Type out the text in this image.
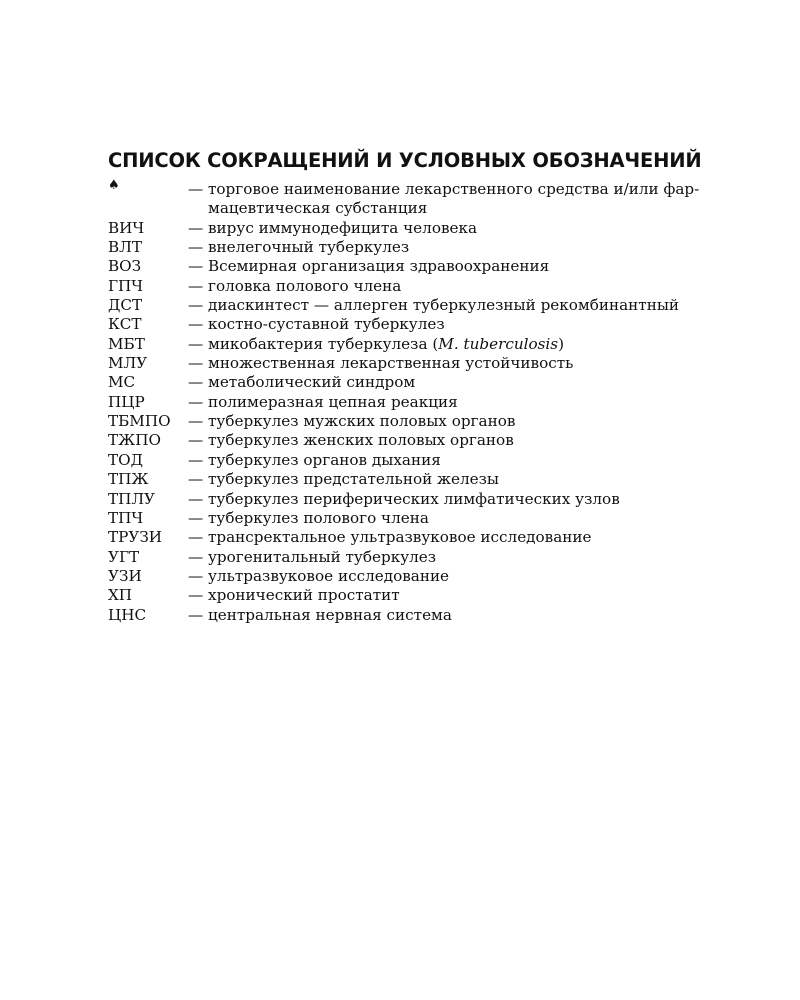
СПИСОК СОКРАЩЕНИЙ И УСЛОВНЫХ ОБОЗНАЧЕНИЙ
♠	— торговое наименование лекарственного средства и/или фар-
мацевтическая субстанция
ВИЧ	— вирус иммунодефицита человека
ВЛТ	— внелегочный туберкулез
ВОЗ	— Всемирная организация здравоохранения
ГПЧ	— головка полового члена
ДСТ	— диаскинтест — аллерген туберкулезный рекомбинантный
КСТ	— костно-суставной туберкулез
МБТ	— микобактерия туберкулеза (M. tuberculosis)
МЛУ	— множественная лекарственная устойчивость
МС	— метаболический синдром
ПЦР	— полимеразная цепная реакция
ТБМПО	— туберкулез мужских половых органов
ТЖПО	— туберкулез женских половых органов
ТОД	— туберкулез органов дыхания
ТПЖ	— туберкулез предстательной железы
ТПЛУ	— туберкулез периферических лимфатических узлов
ТПЧ	— туберкулез полового члена
ТРУЗИ	— трансректальное ультразвуковое исследование
УГТ	— урогенитальный туберкулез
УЗИ	— ультразвуковое исследование
ХП	— хронический простатит
ЦНС	— центральная нервная система
